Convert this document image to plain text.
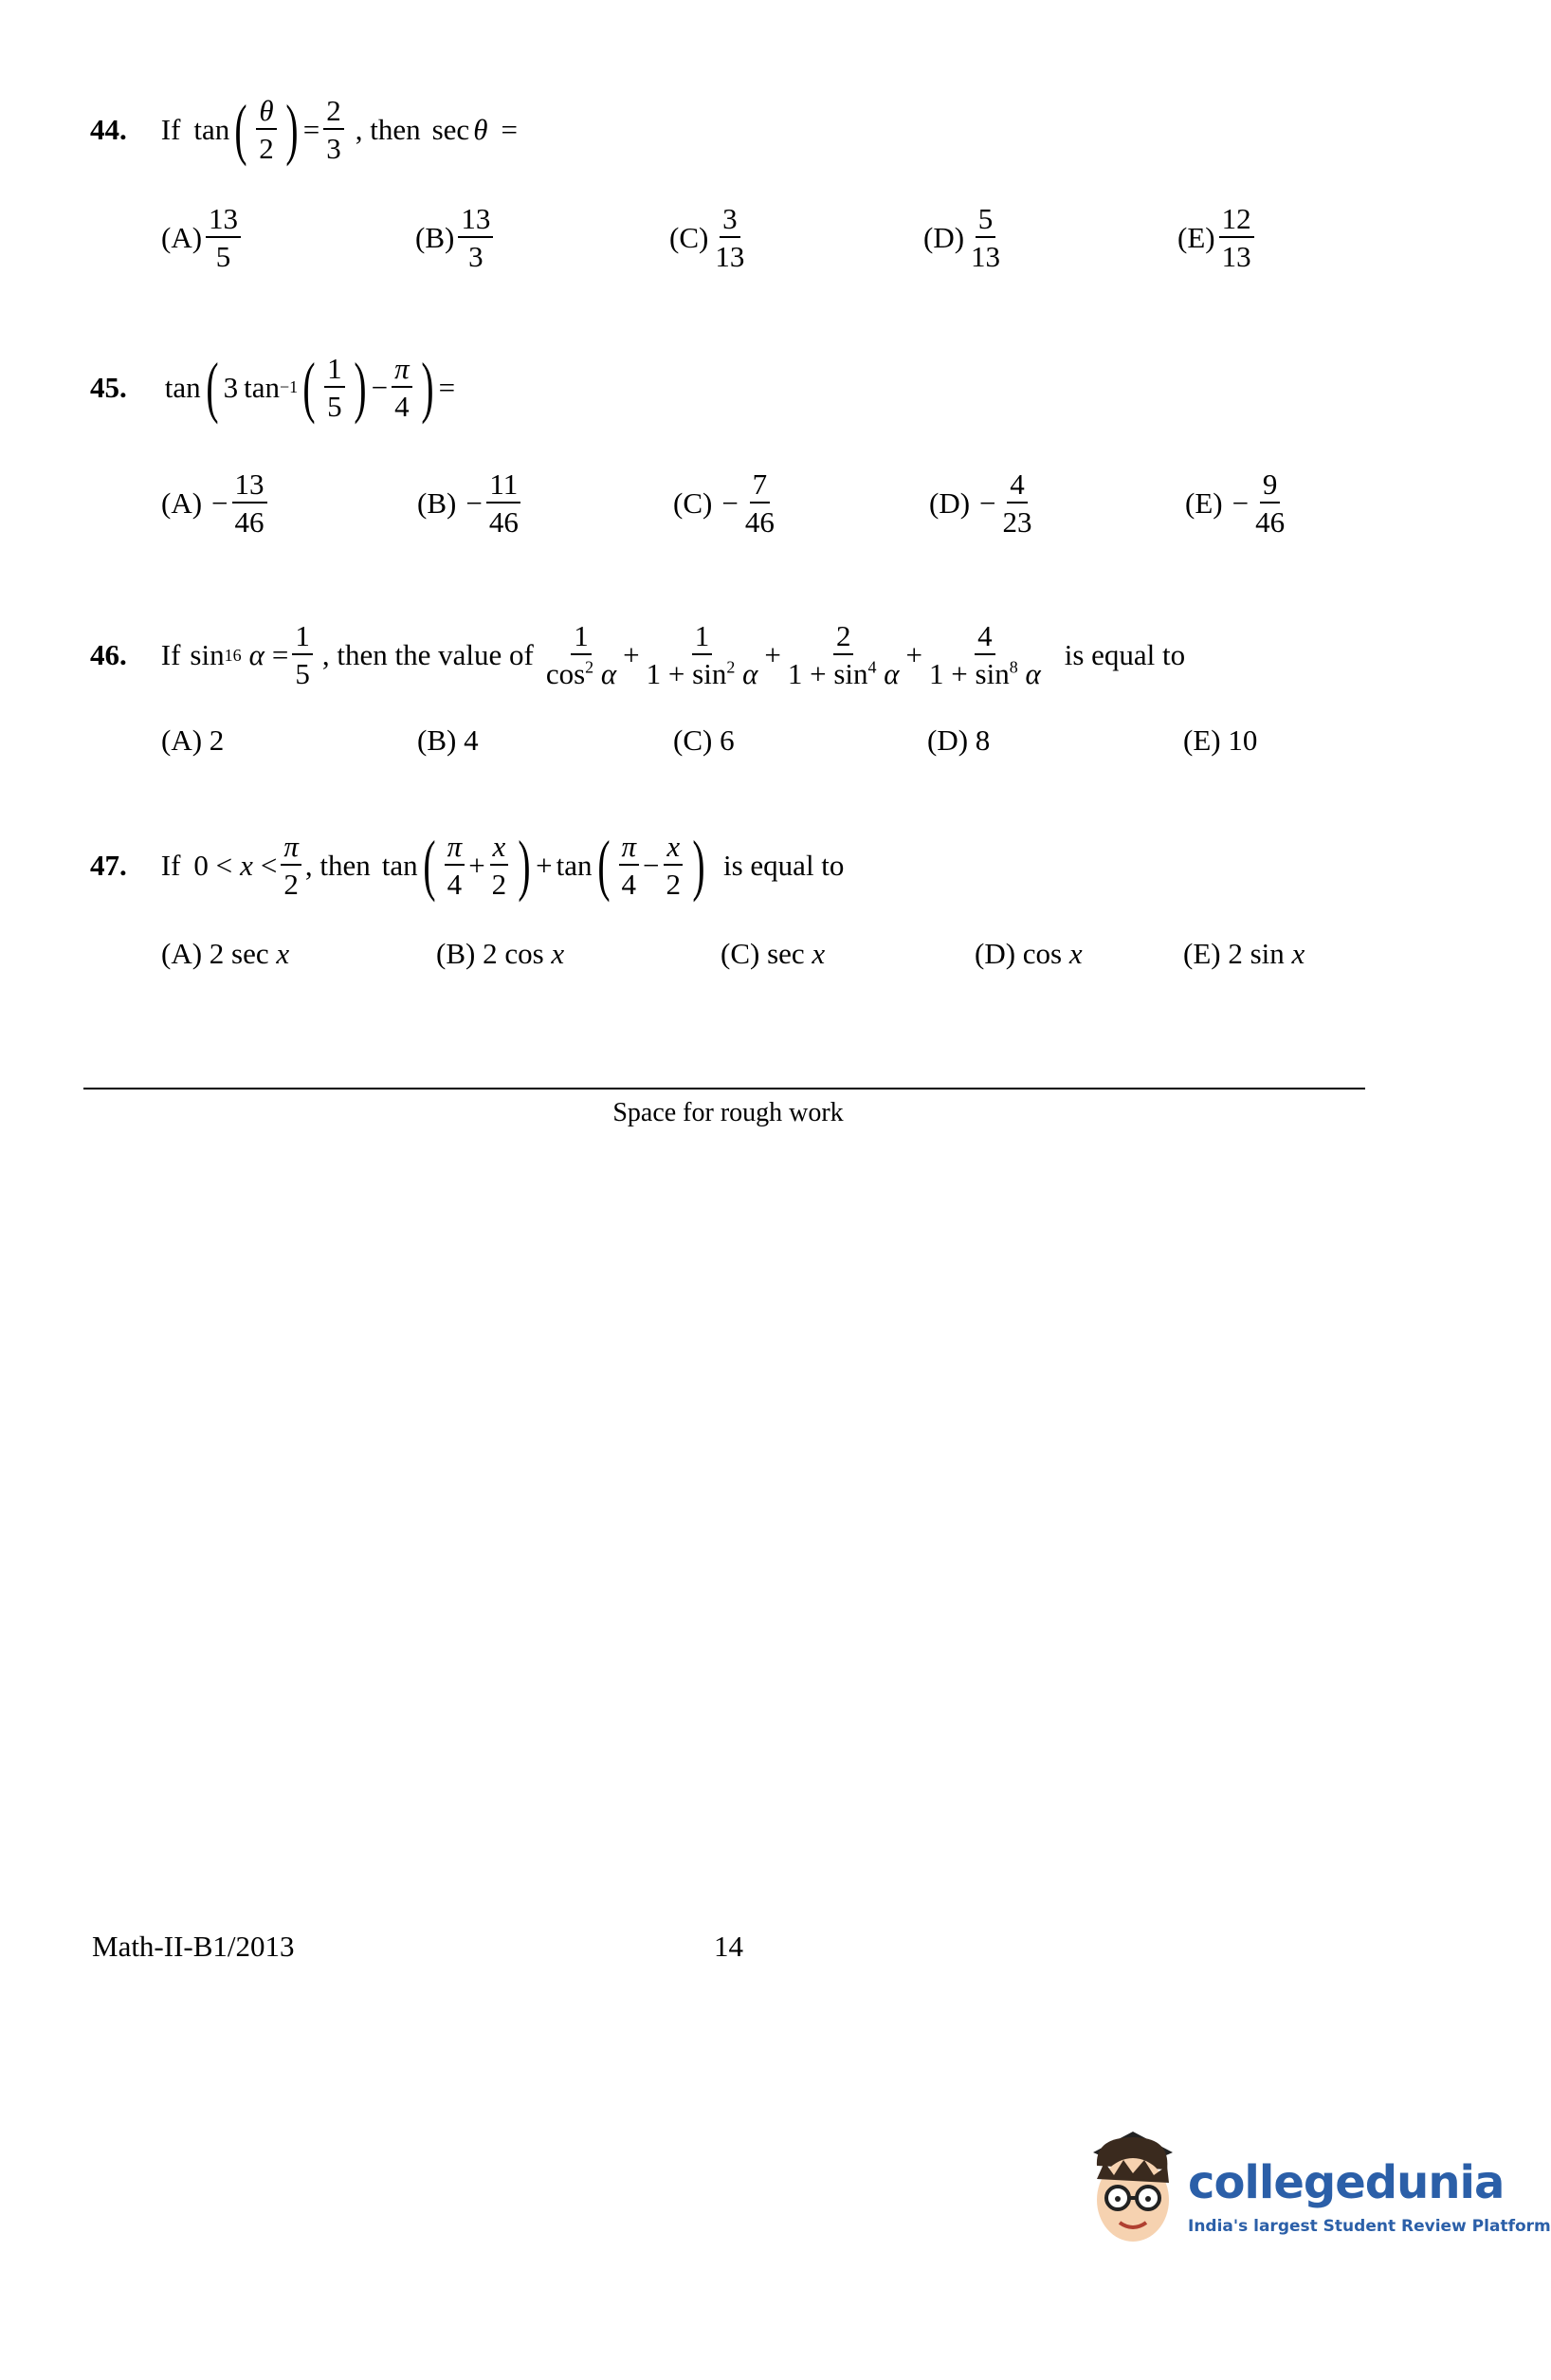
44. If tan ( $\frac{\theta}{2}$ ) = $\frac{2}{3}$ , then sec θ =
$(A) \frac{13}{5}$	$(B) \frac{13}{3}$	$(C) \frac{3}{13}$	$(D) \frac{5}{13}$	$(E) \frac{12}{13}$
45. tan ( 3 tan −1 ( $\frac{1}{5}$ ) − $\frac{\pi}{4}$ ) =
$(A) - \frac{13}{46}$	$(B) - \frac{11}{46}$	$(C) - \frac{7}{46}$	$(D) - \frac{4}{23}$	$(E) - \frac{9}{46}$
46. If sin 16 $\alpha = \frac{1}{5}$ , then the value of $\frac{1}{\cos^2 \alpha} + \frac{1}{1 + \sin^2 \alpha} + \frac{2}{1 + \sin^4 \alpha} + \frac{4}{1 + \sin^8 \alpha}$ is equal to
(A) 2	(B) 4	(C) 6	(D) 8	(E) 10
47. If $0 < x < \frac{\pi}{2}$ , then tan ( $\frac{\pi}{4} + \frac{x}{2}$ ) + tan ( $\frac{\pi}{4} - \frac{x}{2}$ ) is equal to
(A) 2 sec x	(B) 2 cos x	(C) sec x	(D) cos x	(E) 2 sin x
Space for rough work
Math-II-B1/2013	14
collegedunia
India's largest Student Review Platform
